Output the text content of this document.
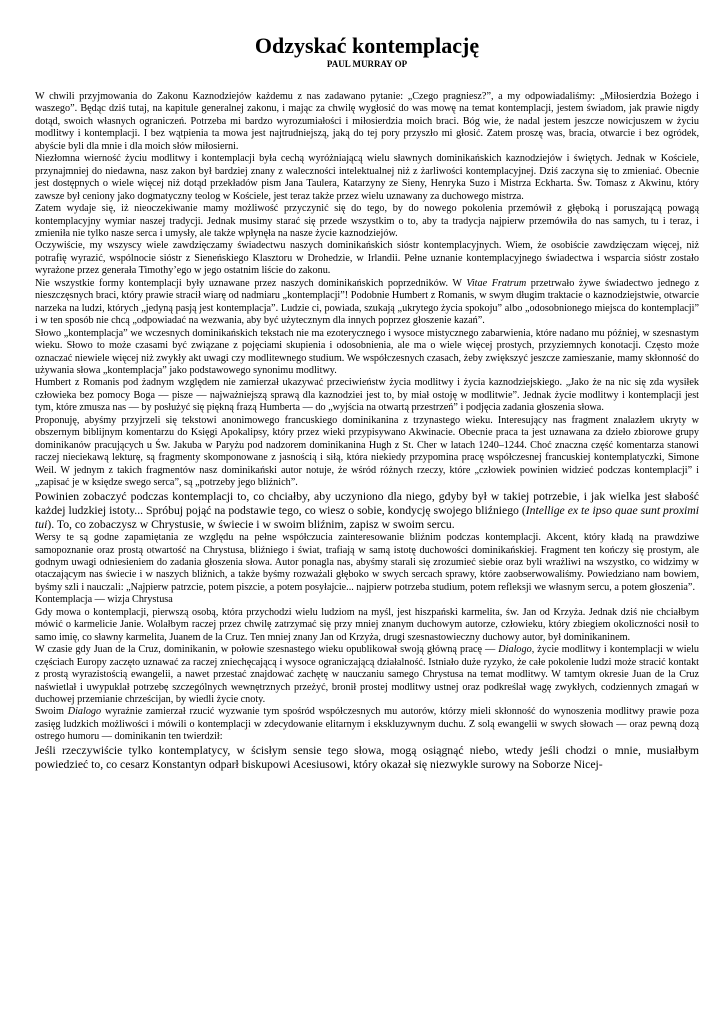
Odzyskać kontemplację
PAUL MURRAY OP

W chwili przyjmowania do Zakonu Kaznodziejów każdemu z nas zadawano pytanie: „Czego pragniesz?”, a my odpowiadaliśmy: „Miłosierdzia Bożego i waszego”. Będąc dziś tutaj, na kapitule generalnej zakonu, i mając za chwilę wygłosić do was mowę na temat kontemplacji, jestem świadom, jak prawie nigdy dotąd, swoich własnych ograniczeń. Potrzeba mi bardzo wyrozumiałości i miłosierdzia moich braci. Bóg wie, że nadal jestem jeszcze nowicjuszem w życiu modlitwy i kontemplacji. I bez wątpienia ta mowa jest najtrudniejszą, jaką do tej pory przyszło mi głosić. Zatem proszę was, bracia, otwarcie i bez ogródek, abyście byli dla mnie i dla moich słów miłosierni.

Niezłomna wierność życiu modlitwy i kontemplacji była cechą wyróżniającą wielu sławnych dominikańskich kaznodziejów i świętych. Jednak w Kościele, przynajmniej do niedawna, nasz zakon był bardziej znany z waleczności intelektualnej niż z żarliwości kontemplacyjnej. Dziś zaczyna się to zmieniać. Obecnie jest dostępnych o wiele więcej niż dotąd przekładów pism Jana Taulera, Katarzyny ze Sieny, Henryka Suzo i Mistrza Eckharta. Św. Tomasz z Akwinu, który zawsze był ceniony jako dogmatyczny teolog w Kościele, jest teraz także przez wielu uznawany za duchowego mistrza.

Zatem wydaje się, iż nieoczekiwanie mamy możliwość przyczynić się do tego, by do nowego pokolenia przemówił z głęboką i poruszającą powagą kontemplacyjny wymiar naszej tradycji. Jednak musimy starać się przede wszystkim o to, aby ta tradycja najpierw przemówiła do nas samych, tu i teraz, i zmieniła nie tylko nasze serca i umysły, ale także wpłynęła na nasze życie kaznodziejów.

Oczywiście, my wszyscy wiele zawdzięczamy świadectwu naszych dominikańskich sióstr kontemplacyjnych. Wiem, że osobiście zawdzięczam więcej, niż potrafię wyrazić, wspólnocie sióstr z Sieneńskiego Klasztoru w Drohedzie, w Irlandii. Pełne uznanie kontemplacyjnego świadectwa i wsparcia sióstr zostało wyrażone przez generała Timothy’ego w jego ostatnim liście do zakonu.

Nie wszystkie formy kontemplacji były uznawane przez naszych dominikańskich poprzedników. W Vitae Fratrum przetrwało żywe świadectwo jednego z nieszczęsnych braci, który prawie stracił wiarę od nadmiaru „kontemplacji”! Podobnie Humbert z Romanis, w swym długim traktacie o kaznodziejstwie, otwarcie narzeka na ludzi, których „jedyną pasją jest kontemplacja”. Ludzie ci, powiada, szukają „ukrytego życia spokoju” albo „odosobnionego miejsca do kontemplacji” i w ten sposób nie chcą „odpowiadać na wezwania, aby być użytecznym dla innych poprzez głoszenie kazań”.

Słowo „kontemplacja” we wczesnych dominikańskich tekstach nie ma ezoterycznego i wysoce mistycznego zabarwienia, które nadano mu później, w szesnastym wieku. Słowo to może czasami być związane z pojęciami skupienia i odosobnienia, ale ma o wiele więcej prostych, przyziemnych konotacji. Często może oznaczać niewiele więcej niż zwykły akt uwagi czy modlitewnego studium. We współczesnych czasach, żeby zwiększyć jeszcze zamieszanie, mamy skłonność do używania słowa „kontemplacja” jako podstawowego synonimu modlitwy.

Humbert z Romanis pod żadnym względem nie zamierzał ukazywać przeciwieństw życia modlitwy i życia kaznodziejskiego. „Jako że na nic się zda wysiłek człowieka bez pomocy Boga — pisze — najważniejszą sprawą dla kaznodziei jest to, by miał ostoję w modlitwie”. Jednak życie modlitwy i kontemplacji jest tym, które zmusza nas — by posłużyć się piękną frazą Humberta — do „wyjścia na otwartą przestrzeń” i podjęcia zadania głoszenia słowa.

Proponuję, abyśmy przyjrzeli się tekstowi anonimowego francuskiego dominikanina z trzynastego wieku. Interesujący nas fragment znalazłem ukryty w obszernym biblijnym komentarzu do Księgi Apokalipsy, który przez wieki przypisywano Akwinacie. Obecnie praca ta jest uznawana za dzieło zbiorowe grupy dominikanów pracujących u Św. Jakuba w Paryżu pod nadzorem dominikanina Hugh z St. Cher w latach 1240–1244. Choć znaczna część komentarza stanowi raczej nieciekawą lekturę, są fragmenty skomponowane z jasnością i siłą, która niekiedy przypomina pracę współczesnej francuskiej kontemplatyczki, Simone Weil. W jednym z takich fragmentów nasz dominikański autor notuje, że wśród różnych rzeczy, które „człowiek powinien widzieć podczas kontemplacji” i „zapisać je w księdze swego serca”, są „potrzeby jego bliźnich”.

Powinien zobaczyć podczas kontemplacji to, co chciałby, aby uczyniono dla niego, gdyby był w takiej potrzebie, i jak wielka jest słabość każdej ludzkiej istoty... Spróbuj pojąć na podstawie tego, co wiesz o sobie, kondycję swojego bliźniego (Intellige ex te ipso quae sunt proximi tui). To, co zobaczysz w Chrystusie, w świecie i w swoim bliźnim, zapisz w swoim sercu.

Wersy te są godne zapamiętania ze względu na pełne współczucia zainteresowanie bliźnim podczas kontemplacji. Akcent, który kładą na prawdziwe samopoznanie oraz prostą otwartość na Chrystusa, bliźniego i świat, trafiają w samą istotę duchowości dominikańskiej. Fragment ten kończy się prostym, ale godnym uwagi odniesieniem do zadania głoszenia słowa. Autor ponagla nas, abyśmy starali się zrozumieć siebie oraz byli wrażliwi na wszystko, co widzimy w otaczającym nas świecie i w naszych bliźnich, a także byśmy rozważali głęboko w swych sercach sprawy, które zaobserwowaliśmy. Powiedziano nam bowiem, byśmy szli i nauczali: „Najpierw patrzcie, potem piszcie, a potem posyłajcie... najpierw potrzeba studium, potem refleksji we własnym sercu, a potem głoszenia”.

Kontemplacja — wizja Chrystusa

Gdy mowa o kontemplacji, pierwszą osobą, która przychodzi wielu ludziom na myśl, jest hiszpański karmelita, św. Jan od Krzyża. Jednak dziś nie chciałbym mówić o karmelicie Janie. Wolałbym raczej przez chwilę zatrzymać się przy mniej znanym duchowym autorze, człowieku, który zbiegiem okoliczności nosił to samo imię, co sławny karmelita, Juanem de la Cruz. Ten mniej znany Jan od Krzyża, drugi szesnastowieczny duchowy autor, był dominikaninem.

W czasie gdy Juan de la Cruz, dominikanin, w połowie szesnastego wieku opublikował swoją główną pracę — Dialogo, życie modlitwy i kontemplacji w wielu częściach Europy zaczęto uznawać za raczej zniechęcającą i wysoce ograniczającą działalność. Istniało duże ryzyko, że całe pokolenie ludzi może stracić kontakt z prostą wyrazistością ewangelii, a nawet przestać znajdować zachętę w nauczaniu samego Chrystusa na temat modlitwy. W tamtym okresie Juan de la Cruz naświetlał i uwypuklał potrzebę szczególnych wewnętrznych przeżyć, bronił prostej modlitwy ustnej oraz podkreślał wagę zwykłych, codziennych zmagań w duchowej przemianie chrześcijan, by wiedli życie cnoty.

Swoim Dialogo wyraźnie zamierzał rzucić wyzwanie tym spośród współczesnych mu autorów, którzy mieli skłonność do wynoszenia modlitwy prawie poza zasięg ludzkich możliwości i mówili o kontemplacji w zdecydowanie elitarnym i ekskluzywnym duchu. Z solą ewangelii w swych słowach — oraz pewną dozą ostrego humoru — dominikanin ten twierdził:

Jeśli rzeczywiście tylko kontemplatycy, w ścisłym sensie tego słowa, mogą osiągnąć niebo, wtedy jeśli chodzi o mnie, musiałbym powiedzieć to, co cesarz Konstantyn odparł biskupowi Acesiusowi, który okazał się niezwykle surowy na Soborze Nicej-
